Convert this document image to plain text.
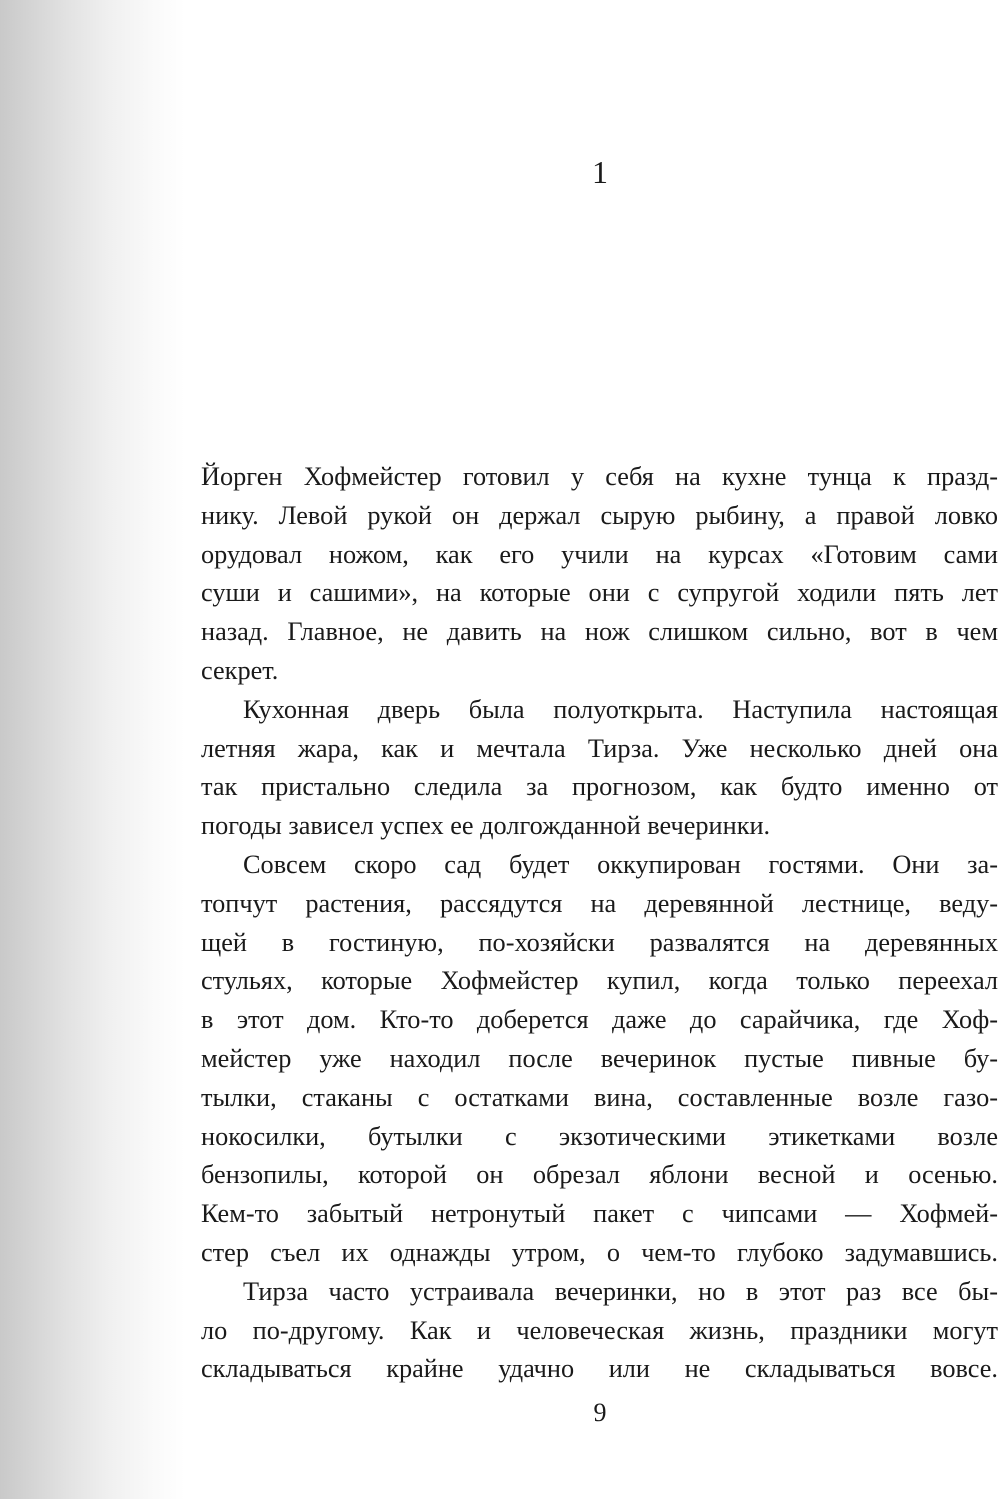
1
Йорген Хофмейстер готовил у себя на кухне тунца к празд-
нику. Левой рукой он держал сырую рыбину, а правой ловко
орудовал ножом, как его учили на курсах «Готовим сами
суши и сашими», на которые они с супругой ходили пять лет
назад. Главное, не давить на нож слишком сильно, вот в чем
секрет.
Кухонная дверь была полуоткрыта. Наступила настоящая
летняя жара, как и мечтала Тирза. Уже несколько дней она
так пристально следила за прогнозом, как будто именно от
погоды зависел успех ее долгожданной вечеринки.
Совсем скоро сад будет оккупирован гостями. Они за-
топчут растения, рассядутся на деревянной лестнице, веду-
щей в гостиную, по-хозяйски развалятся на деревянных
стульях, которые Хофмейстер купил, когда только переехал
в этот дом. Кто-то доберется даже до сарайчика, где Хоф-
мейстер уже находил после вечеринок пустые пивные бу-
тылки, стаканы с остатками вина, составленные возле газо-
нокосилки, бутылки с экзотическими этикетками возле
бензопилы, которой он обрезал яблони весной и осенью.
Кем-то забытый нетронутый пакет с чипсами — Хофмей-
стер съел их однажды утром, о чем-то глубоко задумавшись.
Тирза часто устраивала вечеринки, но в этот раз все бы-
ло по-другому. Как и человеческая жизнь, праздники могут
складываться крайне удачно или не складываться вовсе.
9
